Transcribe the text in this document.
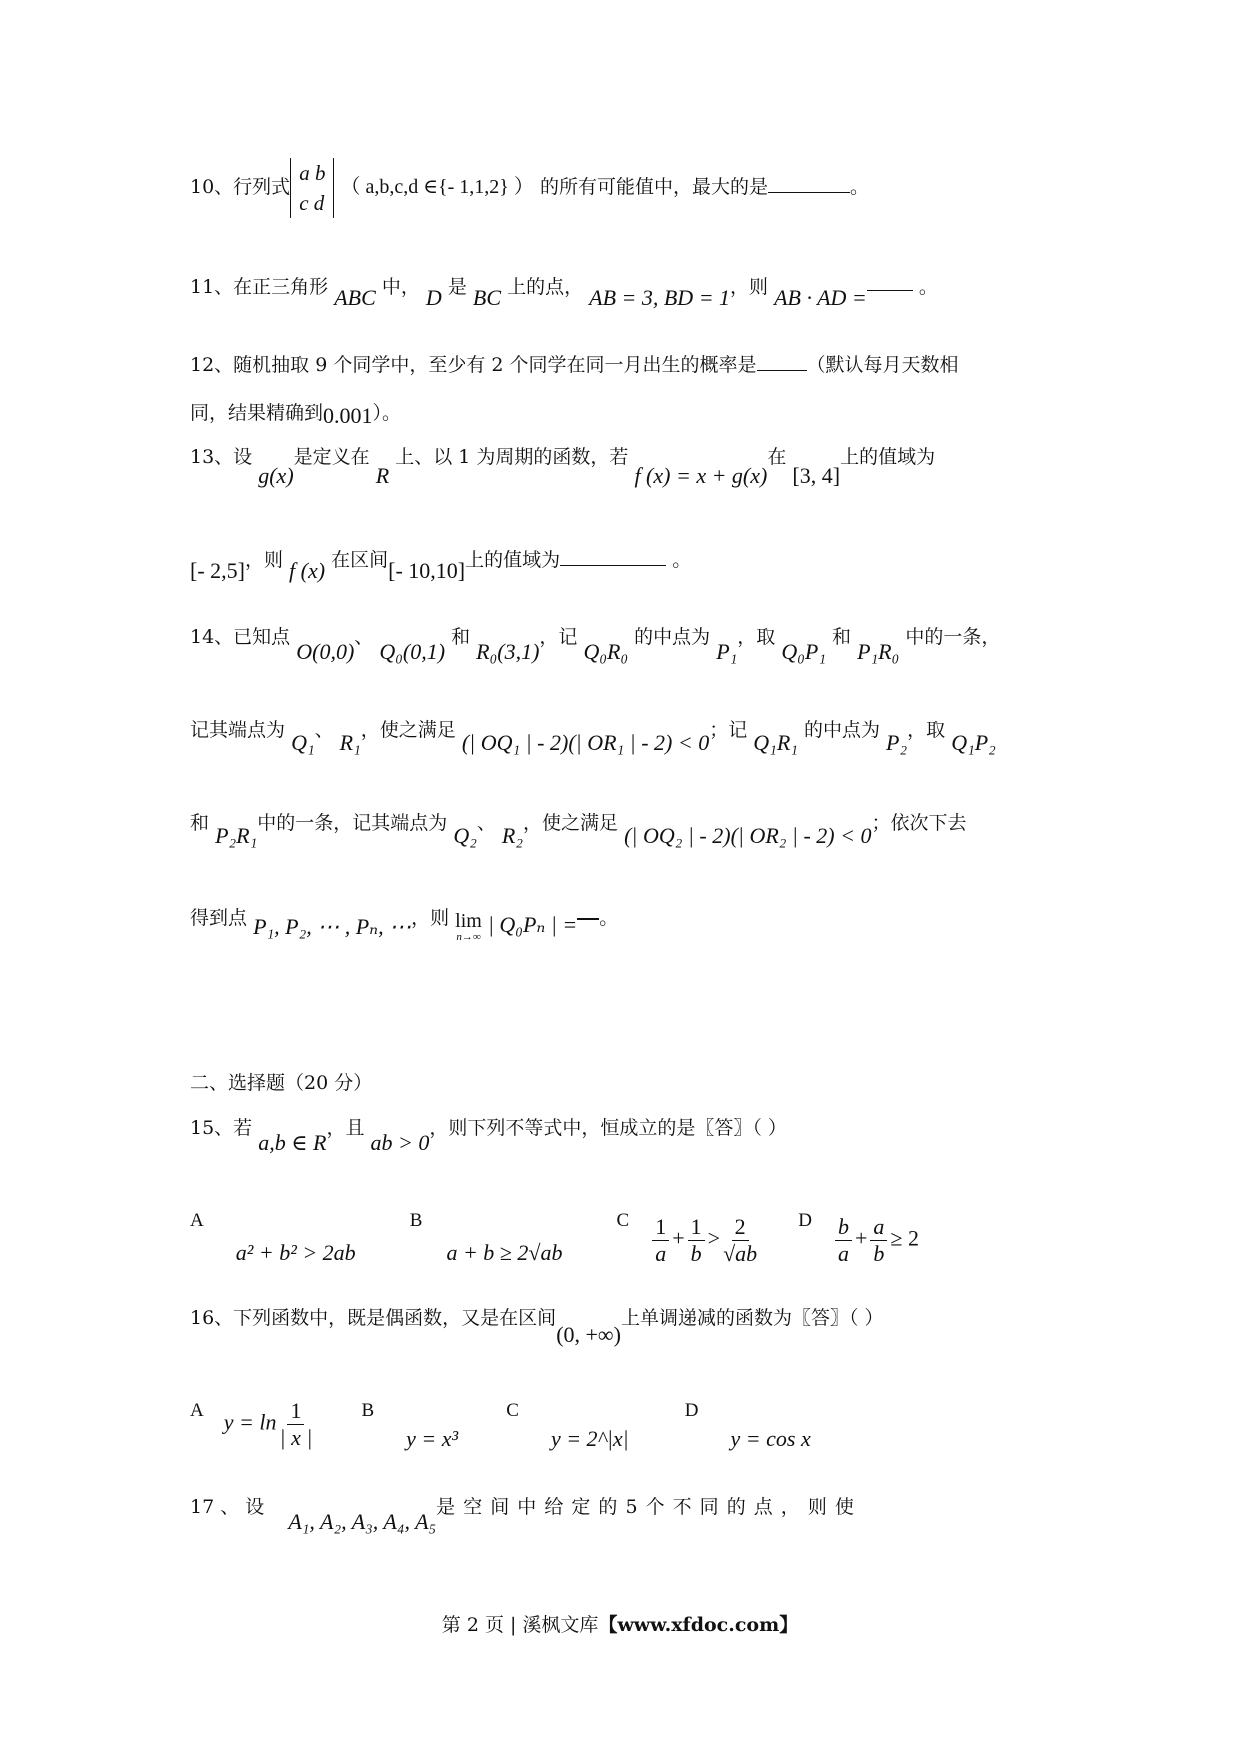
10、行列式
a b
c d
（ a,b,c,d ∈{- 1,1,2} ） 的所有可能值中，最大的是	。
11、在正三角形 ABC 中， D 是 BC 上的点， AB = 3, BD = 1，则 AB · AD =	。
12、随机抽取 9 个同学中，至少有 2 个同学在同一月出生的概率是	（默认每月天数相
同，结果精确到0.001）。
13、设 g(x)是定义在 R 上、以 1 为周期的函数，若 f (x) = x + g(x)在 [3, 4]上的值域为
[- 2,5]，则 f (x) 在区间[- 10,10]上的值域为	。
14、已知点 O(0,0)、 Q₀(0,1) 和 R₀(3,1)，记 Q₀R₀ 的中点为 P₁，取 Q₀P₁ 和 P₁R₀ 中的一条，
记其端点为 Q₁、 R₁，使之满足 (| OQ₁ | - 2)(| OR₁ | - 2) < 0；记 Q₁R₁ 的中点为 P₂，取 Q₁P₂
和 P₂R₁中的一条，记其端点为 Q₂、 R₂，使之满足 (| OQ₂ | - 2)(| OR₂ | - 2) < 0；依次下去
得到点 P₁, P₂, ⋯ , Pₙ, ⋯，则 lim
n→∞ | Q₀Pₙ | = 。
二、选择题（20 分）
15、若 a,b ∈ R，且 ab > 0，则下列不等式中，恒成立的是〖答〗（ ）
A a² + b² > 2ab B a + b ≥ 2√ab C $\frac{1}{a} + \frac{1}{b} > \frac{2}{√ab}$ D $\frac{b}{a} + \frac{a}{b} \ge 2$
16、下列函数中，既是偶函数，又是在区间(0, +∞)上单调递减的函数为〖答〗（ ）
A $y = \ln \frac{1}{| x |}$	B y = x³ C y = 2^|x| D y = cos x
17 、 设 A₁, A₂, A₃, A₄, A₅是 空 间 中 给 定 的 5 个 不 同 的 点 ， 则 使
第 2 页 | 溪枫文库【www.xfdoc.com】
